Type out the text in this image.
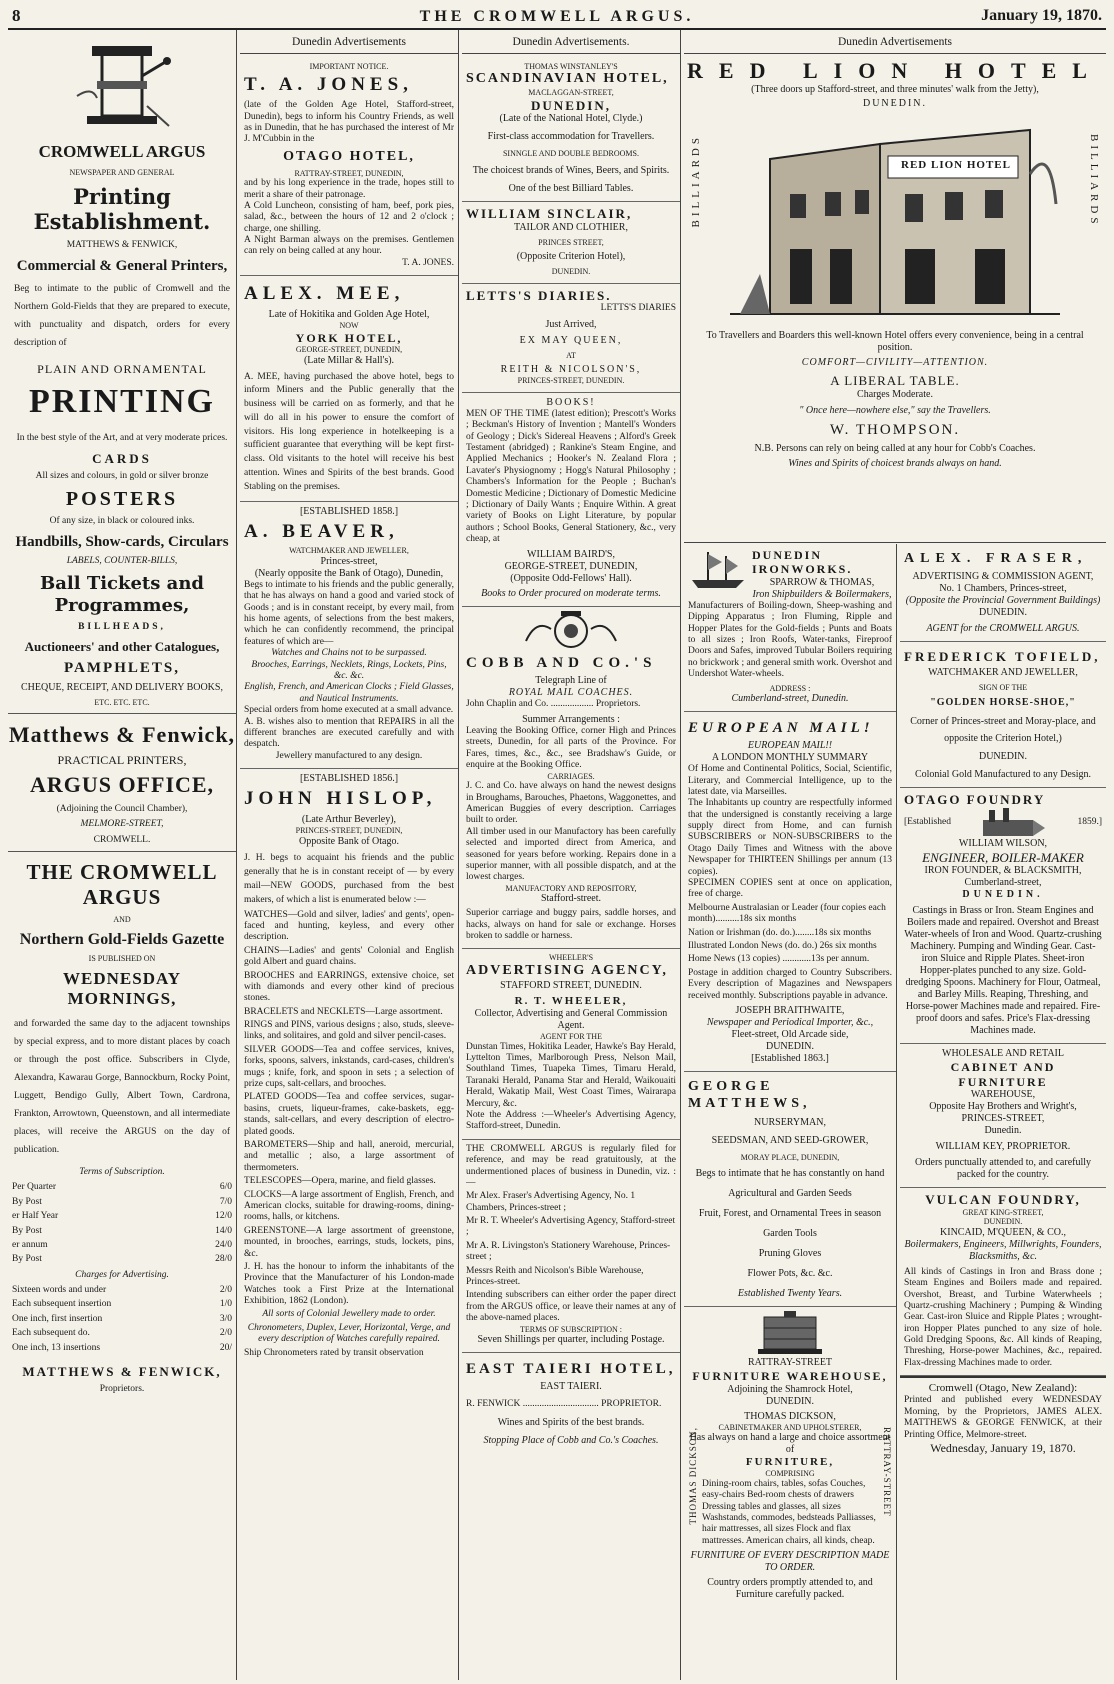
8	THE CROMWELL ARGUS.	January 19, 1870.
CROMWELL ARGUS
NEWSPAPER AND GENERAL
Printing Establishment.
MATTHEWS & FENWICK,
Commercial & General Printers,
Beg to intimate to the public of Cromwell and the Northern Gold-Fields that they are prepared to execute, with punctuality and dispatch, orders for every description of
PLAIN AND ORNAMENTAL
PRINTING
In the best style of the Art, and at very moderate prices.
CARDS
All sizes and colours, in gold or silver bronze
POSTERS
Of any size, in black or coloured inks.
Handbills, Show-cards, Circulars
LABELS, COUNTER-BILLS,
Ball Tickets and Programmes,
BILLHEADS,
Auctioneers' and other Catalogues,
PAMPHLETS,
CHEQUE, RECEIPT, AND DELIVERY BOOKS,
ETC. ETC. ETC.
Matthews & Fenwick,
PRACTICAL PRINTERS,
ARGUS OFFICE,
(Adjoining the Council Chamber),
MELMORE-STREET,
CROMWELL.
THE CROMWELL ARGUS
AND
Northern Gold-Fields Gazette
IS PUBLISHED ON
WEDNESDAY MORNINGS,
and forwarded the same day to the adjacent townships by special express, and to more distant places by coach or through the post office. Subscribers in Clyde, Alexandra, Kawarau Gorge, Bannockburn, Rocky Point, Luggett, Bendigo Gully, Albert Town, Cardrona, Frankton, Arrowtown, Queenstown, and all intermediate places, will receive the ARGUS on the day of publication.
Terms of Subscription.
Per Quarter	6/0
By Post	7/0
er Half Year	12/0
By Post	14/0
er annum	24/0
By Post	28/0
Charges for Advertising.
Sixteen words and under	2/0
Each subsequent insertion	1/0
One inch, first insertion	3/0
Each subsequent do.	2/0
One inch, 13 insertions	20/
MATTHEWS & FENWICK,
Proprietors.
Dunedin Advertisements
IMPORTANT NOTICE.
T. A. JONES,
(late of the Golden Age Hotel, Stafford-street, Dunedin), begs to inform his Country Friends, as well as in Dunedin, that he has purchased the interest of Mr J. M'Cubbin in the
OTAGO HOTEL,
RATTRAY-STREET, DUNEDIN,
and by his long experience in the trade, hopes still to merit a share of their patronage.
A Cold Luncheon, consisting of ham, beef, pork pies, salad, &c., between the hours of 12 and 2 o'clock ; charge, one shilling.
A Night Barman always on the premises. Gentlemen can rely on being called at any hour.
T. A. JONES.
ALEX. MEE,
Late of Hokitika and Golden Age Hotel,
NOW
YORK HOTEL,
GEORGE-STREET, DUNEDIN,
(Late Millar & Hall's).
A. MEE, having purchased the above hotel, begs to inform Miners and the Public generally that the business will be carried on as formerly, and that he will do all in his power to ensure the comfort of visitors. His long experience in hotelkeeping is a sufficient guarantee that everything will be kept first-class. Old visitants to the hotel will receive his best attention. Wines and Spirits of the best brands. Good Stabling on the premises.
[ESTABLISHED 1858.]
A. BEAVER,
WATCHMAKER AND JEWELLER,
Princes-street,
(Nearly opposite the Bank of Otago), Dunedin,
Begs to intimate to his friends and the public generally, that he has always on hand a good and varied stock of Goods ; and is in constant receipt, by every mail, from his home agents, of selections from the best makers, which he can confidently recommend, the principal features of which are—
Watches and Chains not to be surpassed.
Brooches, Earrings, Necklets, Rings, Lockets, Pins, &c. &c.
English, French, and American Clocks ; Field Glasses, and Nautical Instruments.
Special orders from home executed at a small advance.
A. B. wishes also to mention that REPAIRS in all the different branches are executed carefully and with despatch.
Jewellery manufactured to any design.
[ESTABLISHED 1856.]
JOHN HISLOP,
(Late Arthur Beverley),
PRINCES-STREET, DUNEDIN,
Opposite Bank of Otago.
J. H. begs to acquaint his friends and the public generally that he is in constant receipt of — by every mail—NEW GOODS, purchased from the best makers, of which a list is enumerated below :—
WATCHES—Gold and silver, ladies' and gents', open-faced and hunting, keyless, and every other description.
CHAINS—Ladies' and gents' Colonial and English gold Albert and guard chains.
BROOCHES and EARRINGS, extensive choice, set with diamonds and every other kind of precious stones.
BRACELETS and NECKLETS—Large assortment.
RINGS and PINS, various designs ; also, studs, sleeve-links, and solitaires, and gold and silver pencil-cases.
SILVER GOODS—Tea and coffee services, knives, forks, spoons, salvers, inkstands, card-cases, children's mugs ; knife, fork, and spoon in sets ; a selection of prize cups, salt-cellars, and brooches.
PLATED GOODS—Tea and coffee services, sugar-basins, cruets, liqueur-frames, cake-baskets, egg-stands, salt-cellars, and every description of electro-plated goods.
BAROMETERS—Ship and hall, aneroid, mercurial, and metallic ; also, a large assortment of thermometers.
TELESCOPES—Opera, marine, and field glasses.
CLOCKS—A large assortment of English, French, and American clocks, suitable for drawing-rooms, dining-rooms, halls, or kitchens.
GREENSTONE—A large assortment of greenstone, mounted, in brooches, earrings, studs, lockets, pins, &c.
J. H. has the honour to inform the inhabitants of the Province that the Manufacturer of his London-made Watches took a First Prize at the International Exhibition, 1862 (London).
All sorts of Colonial Jewellery made to order.
Chronometers, Duplex, Lever, Horizontal, Verge, and every description of Watches carefully repaired.
Ship Chronometers rated by transit observation
Dunedin Advertisements.
THOMAS WINSTANLEY'S
SCANDINAVIAN HOTEL,
MACLAGGAN-STREET,
DUNEDIN,
(Late of the National Hotel, Clyde.)
First-class accommodation for Travellers.
SINNGLE AND DOUBLE BEDROOMS.
The choicest brands of Wines, Beers, and Spirits.
One of the best Billiard Tables.
WILLIAM SINCLAIR,
TAILOR AND CLOTHIER,
PRINCES STREET,
(Opposite Criterion Hotel),
DUNEDIN.
LETTS'S DIARIES.
LETTS'S DIARIES
Just Arrived,
EX MAY QUEEN,
AT
REITH & NICOLSON'S,
PRINCES-STREET, DUNEDIN.
BOOKS!
MEN OF THE TIME (latest edition); Prescott's Works ; Beckman's History of Invention ; Mantell's Wonders of Geology ; Dick's Sidereal Heavens ; Alford's Greek Testament (abridged) ; Rankine's Steam Engine, and Applied Mechanics ; Hooker's N. Zealand Flora ; Lavater's Physiognomy ; Hogg's Natural Philosophy ; Chambers's Information for the People ; Buchan's Domestic Medicine ; Dictionary of Domestic Medicine ; Dictionary of Daily Wants ; Enquire Within. A great variety of Books on Light Literature, by popular authors ; School Books, General Stationery, &c., very cheap, at
WILLIAM BAIRD'S,
GEORGE-STREET, DUNEDIN,
(Opposite Odd-Fellows' Hall).
Books to Order procured on moderate terms.
COBB AND CO.'S
Telegraph Line of
ROYAL MAIL COACHES.
John Chaplin and Co. .................. Proprietors.
Summer Arrangements :
Leaving the Booking Office, corner High and Princes streets, Dunedin, for all parts of the Province. For Fares, times, &c., &c., see Bradshaw's Guide, or enquire at the Booking Office.
CARRIAGES.
J. C. and Co. have always on hand the newest designs in Broughams, Barouches, Phaetons, Waggonettes, and American Buggies of every description. Carriages built to order.
All timber used in our Manufactory has been carefully selected and imported direct from America, and seasoned for years before working. Repairs done in a superior manner, with all possible dispatch, and at the lowest charges.
MANUFACTORY AND REPOSITORY,
Stafford-street.
Superior carriage and buggy pairs, saddle horses, and hacks, always on hand for sale or exchange. Horses broken to saddle or harness.
WHEELER'S
ADVERTISING AGENCY,
STAFFORD STREET, DUNEDIN.
R. T. WHEELER,
Collector, Advertising and General Commission Agent.
AGENT FOR THE
Dunstan Times, Hokitika Leader, Hawke's Bay Herald, Lyttelton Times, Marlborough Press, Nelson Mail, Southland Times, Tuapeka Times, Timaru Herald, Taranaki Herald, Panama Star and Herald, Waikouaiti Herald, Wakatip Mail, West Coast Times, Wairarapa Mercury, &c.
Note the Address :—Wheeler's Advertising Agency, Stafford-street, Dunedin.
THE CROMWELL ARGUS is regularly filed for reference, and may be read gratuitously, at the undermentioned places of business in Dunedin, viz. :—
Mr Alex. Fraser's Advertising Agency, No. 1 Chambers, Princes-street ;
Mr R. T. Wheeler's Advertising Agency, Stafford-street ;
Mr A. R. Livingston's Stationery Warehouse, Princes-street ;
Messrs Reith and Nicolson's Bible Warehouse, Princes-street.
Intending subscribers can either order the paper direct from the ARGUS office, or leave their names at any of the above-named places.
TERMS OF SUBSCRIPTION :
Seven Shillings per quarter, including Postage.
EAST TAIERI HOTEL,
EAST TAIERI.
R. FENWICK ................................ PROPRIETOR.
Wines and Spirits of the best brands.
Stopping Place of Cobb and Co.'s Coaches.
Dunedin Advertisements
RED LION HOTEL
(Three doors up Stafford-street, and three minutes' walk from the Jetty),
DUNEDIN.
BILLIARDS	BILLIARDS
RED LION HOTEL
To Travellers and Boarders this well-known Hotel offers every convenience, being in a central position.
COMFORT—CIVILITY—ATTENTION.
A LIBERAL TABLE.
Charges Moderate.
" Once here—nowhere else," say the Travellers.
W. THOMPSON.
N.B. Persons can rely on being called at any hour for Cobb's Coaches.
Wines and Spirits of choicest brands always on hand.
DUNEDIN IRONWORKS.
SPARROW & THOMAS,
Iron Shipbuilders & Boilermakers,
Manufacturers of Boiling-down, Sheep-washing and Dipping Apparatus ; Iron Fluming, Ripple and Hopper Plates for the Gold-fields ; Punts and Boats to all sizes ; Iron Roofs, Water-tanks, Fireproof Doors and Safes, improved Tubular Boilers requiring no brickwork ; and general smith work. Overshot and Undershot Water-wheels.
ADDRESS :
Cumberland-street, Dunedin.
EUROPEAN MAIL!
EUROPEAN MAIL!!
A LONDON MONTHLY SUMMARY
Of Home and Continental Politics, Social, Scientific, Literary, and Commercial Intelligence, up to the latest date, via Marseilles.
The Inhabitants up country are respectfully informed that the undersigned is constantly receiving a large supply direct from Home, and can furnish SUBSCRIBERS or NON-SUBSCRIBERS to the Otago Daily Times and Witness with the above Newspaper for THIRTEEN Shillings per annum (13 copies).
SPECIMEN COPIES sent at once on application, free of charge.
Melbourne Australasian or Leader (four copies each month)..........18s six months
Nation or Irishman (do. do.)........18s six months
Illustrated London News (do. do.) 26s six months
Home News (13 copies) ............13s per annum.
Postage in addition charged to Country Subscribers. Every description of Magazines and Newspapers received monthly. Subscriptions payable in advance.
JOSEPH BRAITHWAITE,
Newspaper and Periodical Importer, &c.,
Fleet-street, Old Arcade side,
DUNEDIN.
[Established 1863.]
GEORGE MATTHEWS,
NURSERYMAN,
SEEDSMAN, AND SEED-GROWER,
MORAY PLACE, DUNEDIN,
Begs to intimate that he has constantly on hand
Agricultural and Garden Seeds
Fruit, Forest, and Ornamental Trees in season
Garden Tools
Pruning Gloves
Flower Pots, &c. &c.
Established Twenty Years.
THOMAS DICKSON,	RATTRAY-STREET
RATTRAY-STREET
FURNITURE WAREHOUSE,
Adjoining the Shamrock Hotel,
DUNEDIN.
THOMAS DICKSON,
CABINETMAKER AND UPHOLSTERER,
Has always on hand a large and choice assortment of
FURNITURE,
COMPRISING
Dining-room chairs, tables, sofas Couches, easy-chairs Bed-room chests of drawers Dressing tables and glasses, all sizes Washstands, commodes, bedsteads Palliasses, hair mattresses, all sizes Flock and flax mattresses. American chairs, all kinds, cheap.
FURNITURE OF EVERY DESCRIPTION MADE TO ORDER.
Country orders promptly attended to, and Furniture carefully packed.
ALEX. FRASER,
ADVERTISING & COMMISSION AGENT,
No. 1 Chambers, Princes-street,
(Opposite the Provincial Government Buildings)
DUNEDIN.
AGENT for the CROMWELL ARGUS.
FREDERICK TOFIELD,
WATCHMAKER AND JEWELLER,
SIGN OF THE
"GOLDEN HORSE-SHOE,"
Corner of Princes-street and Moray-place, and opposite the Criterion Hotel,)
DUNEDIN.
Colonial Gold Manufactured to any Design.
OTAGO FOUNDRY
[Established	1859.]
WILLIAM WILSON,
ENGINEER, BOILER-MAKER
IRON FOUNDER, & BLACKSMITH,
Cumberland-street,
DUNEDIN.
Castings in Brass or Iron. Steam Engines and Boilers made and repaired. Overshot and Breast Water-wheels of Iron and Wood. Quartz-crushing Machinery. Pumping and Winding Gear. Cast-iron Sluice and Ripple Plates. Sheet-iron Hopper-plates punched to any size. Gold-dredging Spoons. Machinery for Flour, Oatmeal, and Barley Mills. Reaping, Threshing, and Horse-power Machines made and repaired. Fire-proof doors and safes. Price's Flax-dressing Machines made.
WHOLESALE AND RETAIL
CABINET AND FURNITURE
WAREHOUSE,
Opposite Hay Brothers and Wright's,
PRINCES-STREET,
Dunedin.
WILLIAM KEY, PROPRIETOR.
Orders punctually attended to, and carefully packed for the country.
VULCAN FOUNDRY,
GREAT KING-STREET,
DUNEDIN.
KINCAID, M'QUEEN, & CO.,
Boilermakers, Engineers, Millwrights, Founders, Blacksmiths, &c.
All kinds of Castings in Iron and Brass done ; Steam Engines and Boilers made and repaired. Overshot, Breast, and Turbine Waterwheels ; Quartz-crushing Machinery ; Pumping & Winding Gear. Cast-iron Sluice and Ripple Plates ; wrought-iron Hopper Plates punched to any size of hole. Gold Dredging Spoons, &c. All kinds of Reaping, Threshing, Horse-power Machines, &c., repaired. Flax-dressing Machines made to order.
Cromwell (Otago, New Zealand):
Printed and published every WEDNESDAY Morning, by the Proprietors, JAMES ALEX. MATTHEWS & GEORGE FENWICK, at their Printing Office, Melmore-street.
Wednesday, January 19, 1870.
